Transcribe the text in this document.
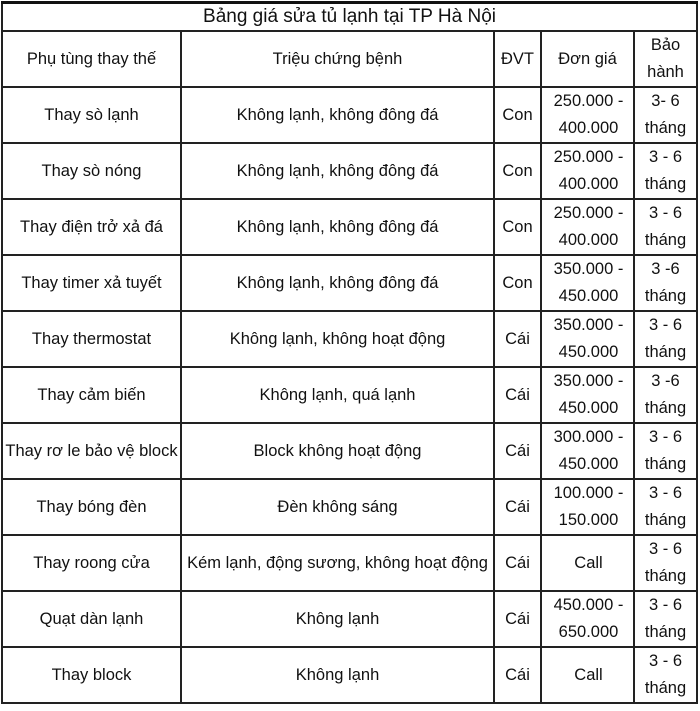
Bảng giá sửa tủ lạnh tại TP Hà Nội				
Phụ tùng thay thế	Triệu chứng bệnh	ĐVT	Đơn giá	Bảo hành
Thay sò lạnh	Không lạnh, không đông đá	Con	250.000 - 400.000	3- 6 tháng
Thay sò nóng	Không lạnh, không đông đá	Con	250.000 - 400.000	3 - 6 tháng
Thay điện trở xả đá	Không lạnh, không đông đá	Con	250.000 - 400.000	3 - 6 tháng
Thay timer xả tuyết	Không lạnh, không đông đá	Con	350.000 - 450.000	3 -6 tháng
Thay thermostat	Không lạnh, không hoạt động	Cái	350.000 - 450.000	3 - 6 tháng
Thay cảm biến	Không lạnh, quá lạnh	Cái	350.000 - 450.000	3 -6 tháng
Thay rơ le bảo vệ block	Block không hoạt động	Cái	300.000 - 450.000	3 - 6 tháng
Thay bóng đèn	Đèn không sáng	Cái	100.000 - 150.000	3 - 6 tháng
Thay roong cửa	Kém lạnh, động sương, không hoạt động	Cái	Call	3 - 6 tháng
Quạt dàn lạnh	Không lạnh	Cái	450.000 - 650.000	3 - 6 tháng
Thay block	Không lạnh	Cái	Call	3 - 6 tháng
